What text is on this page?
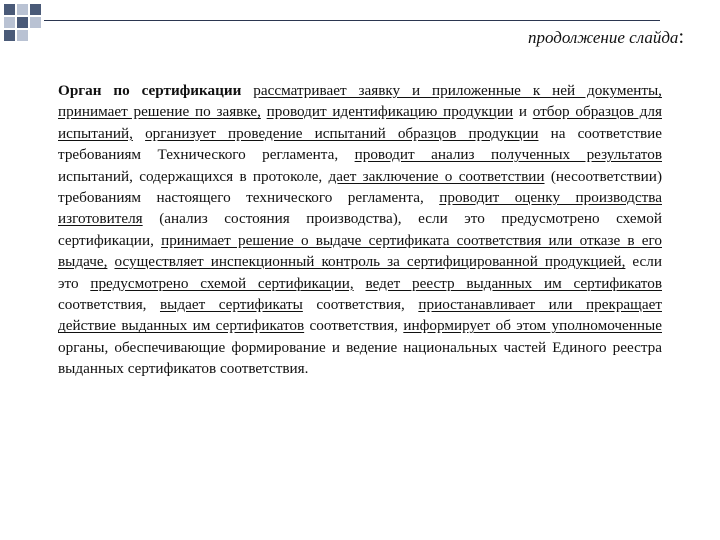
продолжение слайда:

Орган по сертификации рассматривает заявку и приложенные к ней документы, принимает решение по заявке, проводит идентификацию продукции и отбор образцов для испытаний, организует проведение испытаний образцов продукции на соответствие требованиям Технического регламента, проводит анализ полученных результатов испытаний, содержащихся в протоколе, дает заключение о соответствии (несоответствии) требованиям настоящего технического регламента, проводит оценку производства изготовителя (анализ состояния производства), если это предусмотрено схемой сертификации, принимает решение о выдаче сертификата соответствия или отказе в его выдаче, осуществляет инспекционный контроль за сертифицированной продукцией, если это предусмотрено схемой сертификации, ведет реестр выданных им сертификатов соответствия, выдает сертификаты соответствия, приостанавливает или прекращает действие выданных им сертификатов соответствия, информирует об этом уполномоченные органы, обеспечивающие формирование и ведение национальных частей Единого реестра выданных сертификатов соответствия.
